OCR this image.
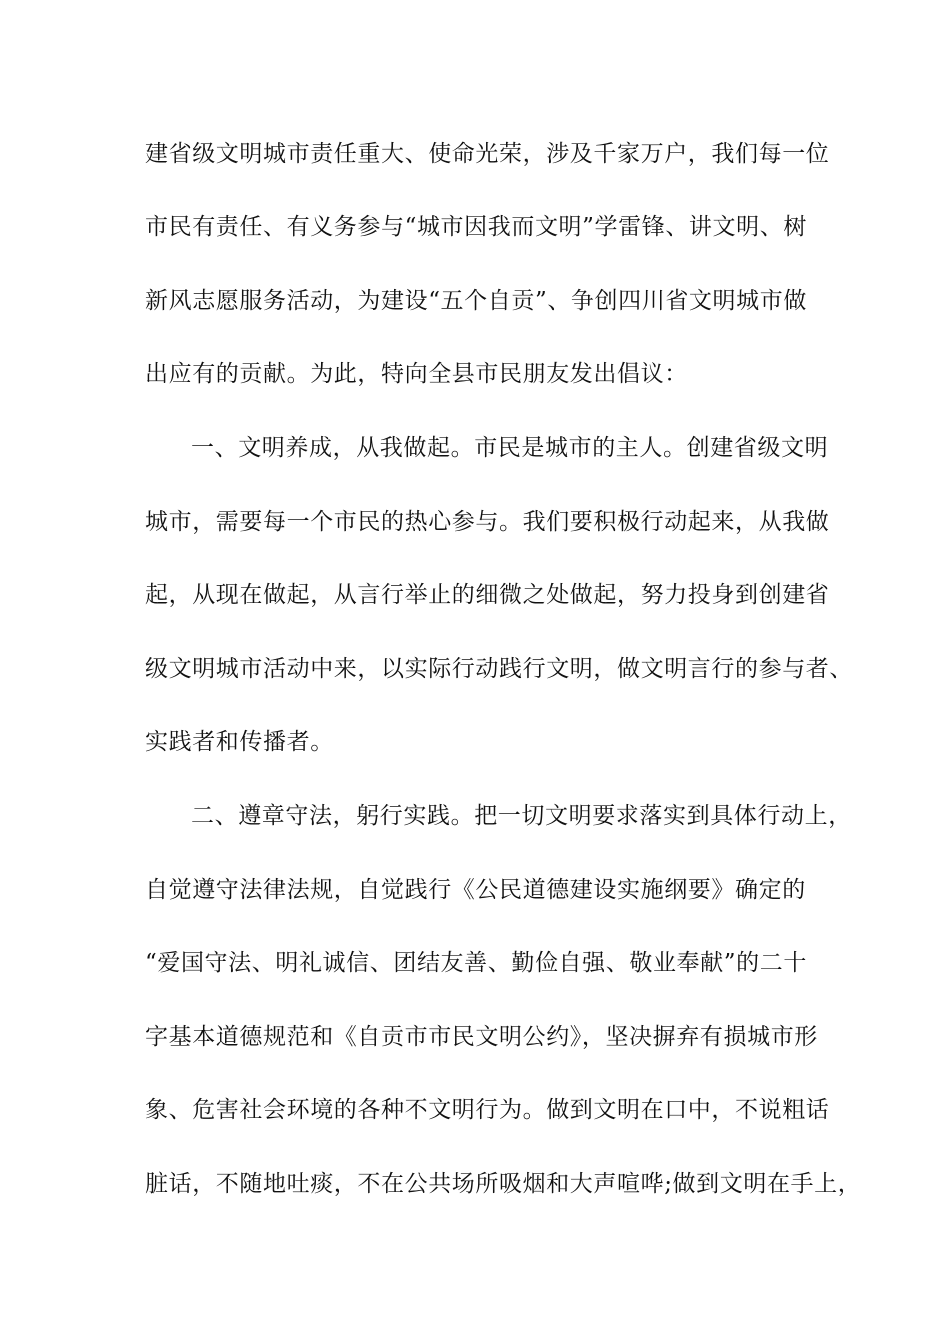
建省级文明城市责任重大、使命光荣，涉及千家万户，我们每一位
市民有责任、有义务参与“城市因我而文明”学雷锋、讲文明、树
新风志愿服务活动，为建设“五个自贡”、争创四川省文明城市做
出应有的贡献。为此，特向全县市民朋友发出倡议：
一、文明养成，从我做起。市民是城市的主人。创建省级文明
城市，需要每一个市民的热心参与。我们要积极行动起来，从我做
起，从现在做起，从言行举止的细微之处做起，努力投身到创建省
级文明城市活动中来，以实际行动践行文明，做文明言行的参与者、
实践者和传播者。
二、遵章守法，躬行实践。把一切文明要求落实到具体行动上，
自觉遵守法律法规，自觉践行《公民道德建设实施纲要》确定的
“爱国守法、明礼诚信、团结友善、勤俭自强、敬业奉献”的二十
字基本道德规范和《自贡市市民文明公约》，坚决摒弃有损城市形
象、危害社会环境的各种不文明行为。做到文明在口中，不说粗话
脏话，不随地吐痰，不在公共场所吸烟和大声喧哗;做到文明在手上，
